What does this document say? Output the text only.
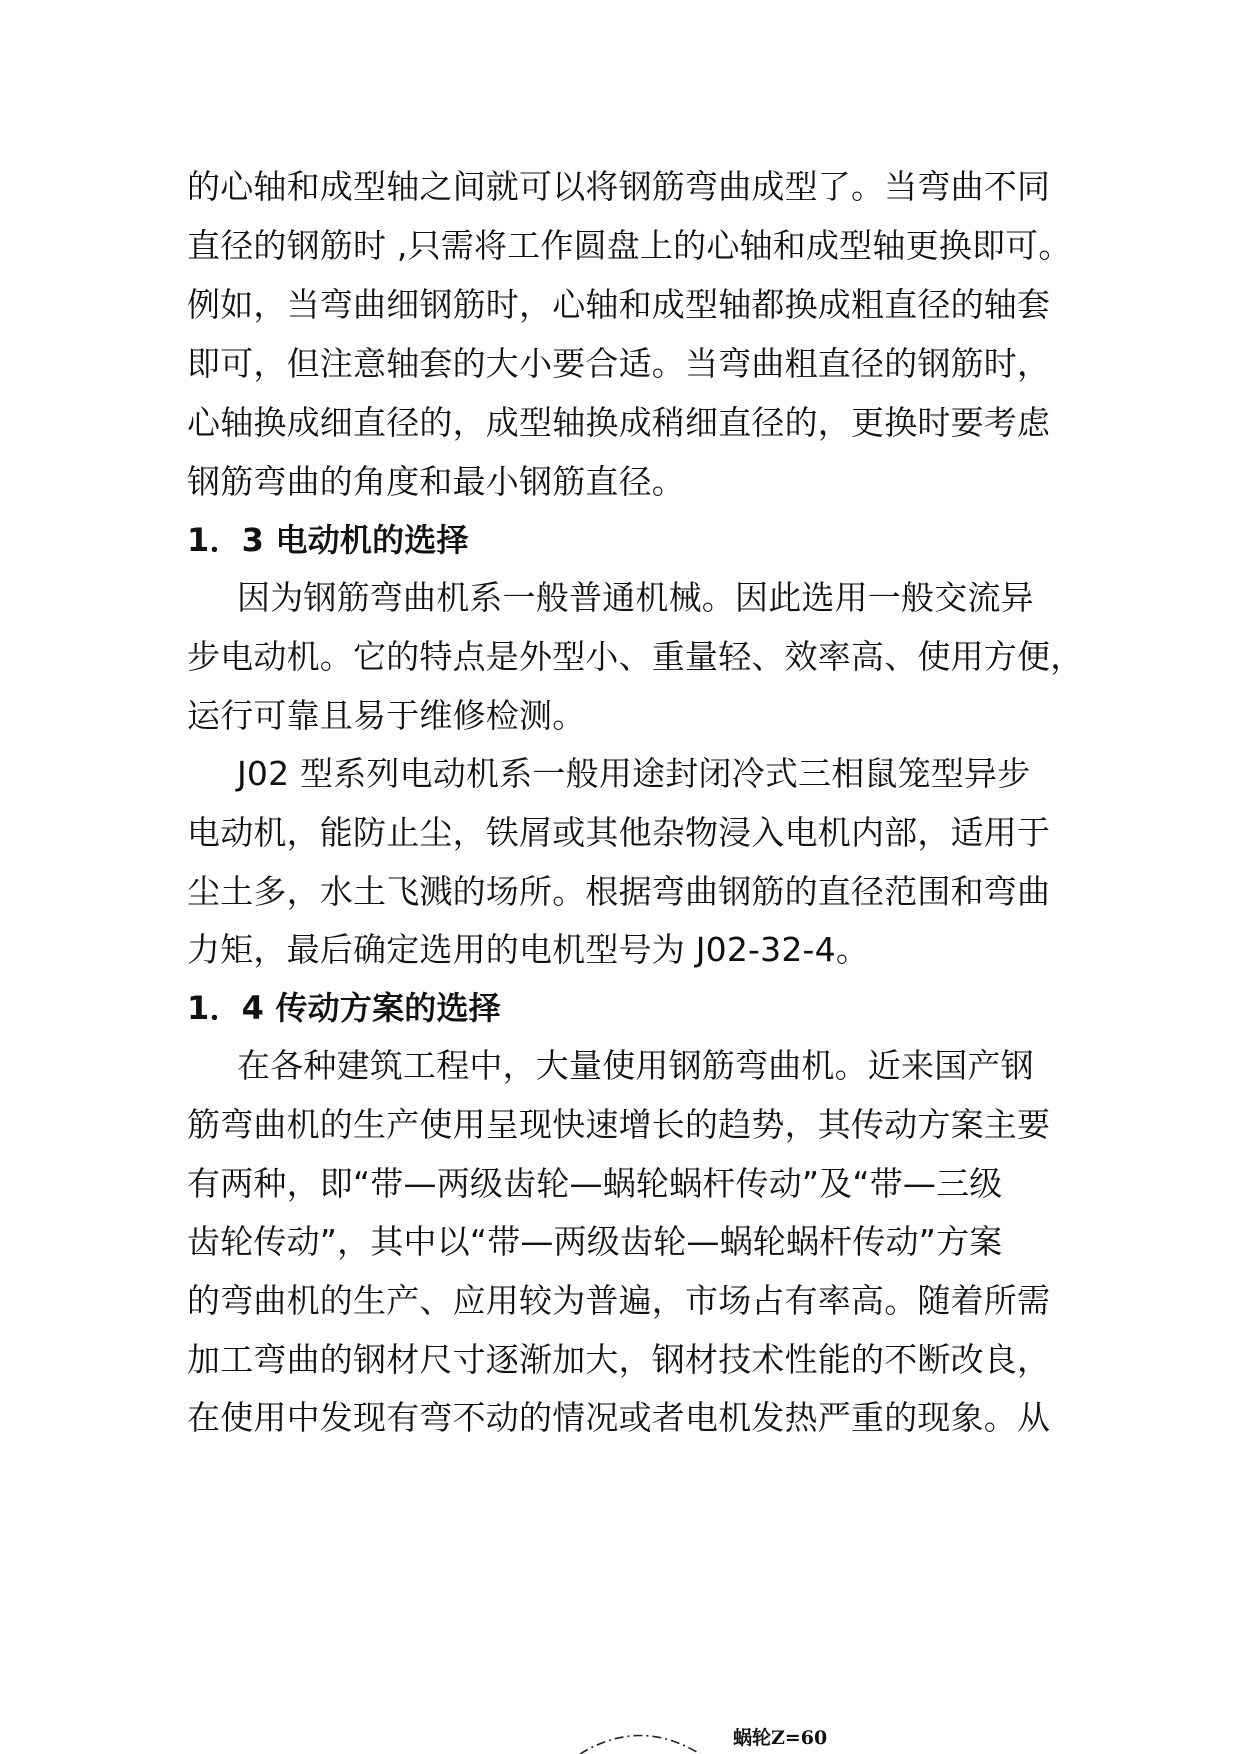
的心轴和成型轴之间就可以将钢筋弯曲成型了。当弯曲不同
直径的钢筋时 ,只需将工作圆盘上的心轴和成型轴更换即可。
例如，当弯曲细钢筋时，心轴和成型轴都换成粗直径的轴套
即可，但注意轴套的大小要合适。当弯曲粗直径的钢筋时，
心轴换成细直径的，成型轴换成稍细直径的，更换时要考虑
钢筋弯曲的角度和最小钢筋直径。
1．3 电动机的选择
因为钢筋弯曲机系一般普通机械。因此选用一般交流异
步电动机。它的特点是外型小、重量轻、效率高、使用方便，
运行可靠且易于维修检测。
J02 型系列电动机系一般用途封闭冷式三相鼠笼型异步
电动机，能防止尘，铁屑或其他杂物浸入电机内部，适用于
尘土多，水土飞溅的场所。根据弯曲钢筋的直径范围和弯曲
力矩，最后确定选用的电机型号为 J02-32-4。
1．4 传动方案的选择
在各种建筑工程中，大量使用钢筋弯曲机。近来国产钢
筋弯曲机的生产使用呈现快速增长的趋势，其传动方案主要
有两种，即“带—两级齿轮—蜗轮蜗杆传动”及“带—三级
齿轮传动”，其中以“带—两级齿轮—蜗轮蜗杆传动”方案
的弯曲机的生产、应用较为普遍，市场占有率高。随着所需
加工弯曲的钢材尺寸逐渐加大，钢材技术性能的不断改良，
在使用中发现有弯不动的情况或者电机发热严重的现象。从
蜗轮Z=60
